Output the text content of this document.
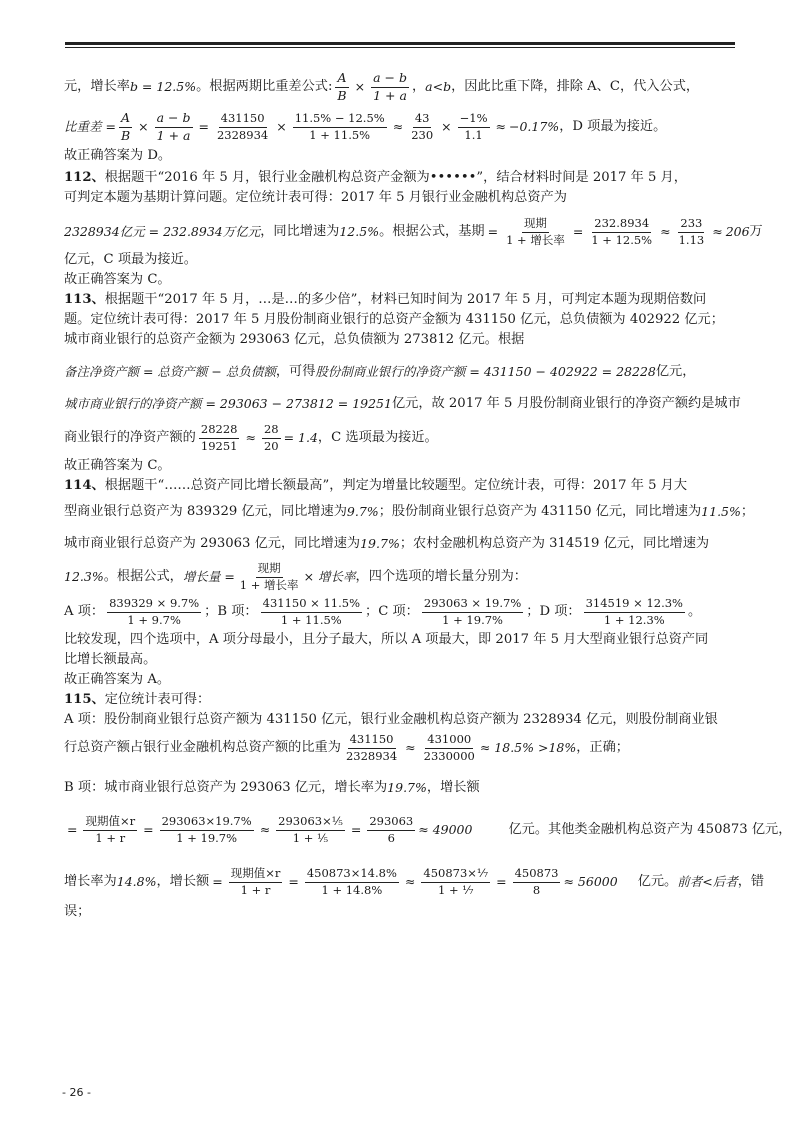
元，增长率 b = 12.5% 。根据两期比重差公式: $\frac{A}{B} \times \frac{a - b}{1 + a}$ ， a<b ，因此比重下降，排除 A、C，代入公式，
比重差 = $\frac{A}{B} \times \frac{a - b}{1 + a} = \frac{431150}{2328934} \times \frac{11.5\% - 12.5\%}{1 + 11.5\%} \approx \frac{43}{230} \times \frac{-1\%}{1.1} \approx -0.17\%$ ，D 项最为接近。
故正确答案为 D。
112、 根据题干“2016 年 5 月，银行业金融机构总资产金额为••••••”，结合材料时间是 2017 年 5 月，
可判定本题为基期计算问题。定位统计表可得：2017 年 5 月银行业金融机构总资产为
2328934亿元 = 232.8934万亿元 ，同比增速为 12.5% 。根据公式，基期 = $\frac{\text{现期}}{\text{1 + 增长率}} = \frac{232.8934}{1 + 12.5\%} \approx \frac{233}{1.13} \approx 206$ 万
亿元，C 项最为接近。
故正确答案为 C。
113、 根据题干“2017 年 5 月，…是…的多少倍”，材料已知时间为 2017 年 5 月，可判定本题为现期倍数问
题。定位统计表可得：2017 年 5 月股份制商业银行的总资产金额为 431150 亿元，总负债额为 402922 亿元；
城市商业银行的总资产金额为 293063 亿元，总负债额为 273812 亿元。根据
备注净资产额 = 总资产额 − 总负债额 ，可得 股份制商业银行的净资产额 = 431150 − 402922 = 28228 亿元，
城市商业银行的净资产额 = 293063 − 273812 = 19251 亿元，故 2017 年 5 月股份制商业银行的净资产额约是城市
商业银行的净资产额的 $\frac{28228}{19251} \approx \frac{28}{20} = 1.4$ ，C 选项最为接近。
故正确答案为 C。
114、 根据题干“……总资产同比增长额最高”，判定为增量比较题型。定位统计表，可得：2017 年 5 月大
型商业银行总资产为 839329 亿元，同比增速为 9.7% ；股份制商业银行总资产为 431150 亿元，同比增速为 11.5% ；
城市商业银行总资产为 293063 亿元，同比增速为 19.7% ；农村金融机构总资产为 314519 亿元，同比增速为
12.3% 。根据公式， 增长量 = $\frac{\text{现期}}{\text{1 + 增长率}}$ × 增长率 ，四个选项的增长量分别为：
A 项： $\frac{839329 \times 9.7\%}{1 + 9.7\%}$ ；B 项： $\frac{431150 \times 11.5\%}{1 + 11.5\%}$ ；C 项： $\frac{293063 \times 19.7\%}{1 + 19.7\%}$ ；D 项： $\frac{314519 \times 12.3\%}{1 + 12.3\%}$ 。
比较发现，四个选项中，A 项分母最小，且分子最大，所以 A 项最大，即 2017 年 5 月大型商业银行总资产同
比增长额最高。
故正确答案为 A。
115、 定位统计表可得：
A 项：股份制商业银行总资产额为 431150 亿元，银行业金融机构总资产额为 2328934 亿元，则股份制商业银
行总资产额占银行业金融机构总资产额的比重为 $\frac{431150}{2328934} \approx \frac{431000}{2330000} \approx 18.5\% >18\%$ ，正确；
B 项：城市商业银行总资产为 293063 亿元，增长率为 19.7% ，增长额
= $\frac{\text{现期值×r}}{1 + r} = \frac{293063\times 19.7\%}{1 + 19.7\%} \approx \frac{\text{293063×⅕}}{\text{1 + ⅕}} = \frac{293063}{6} \approx 49000$	亿元。其他类金融机构总资产为 450873 亿元，
增长率为 14.8% ，增长额 = $\frac{\text{现期值×r}}{1 + r} = \frac{450873\times 14.8\%}{1 + 14.8\%} \approx \frac{\text{450873×⅐}}{\text{1 + ⅐}} = \frac{450873}{8} \approx 56000$ 亿元。 前者<后者 ，错
误；
- 26 -
